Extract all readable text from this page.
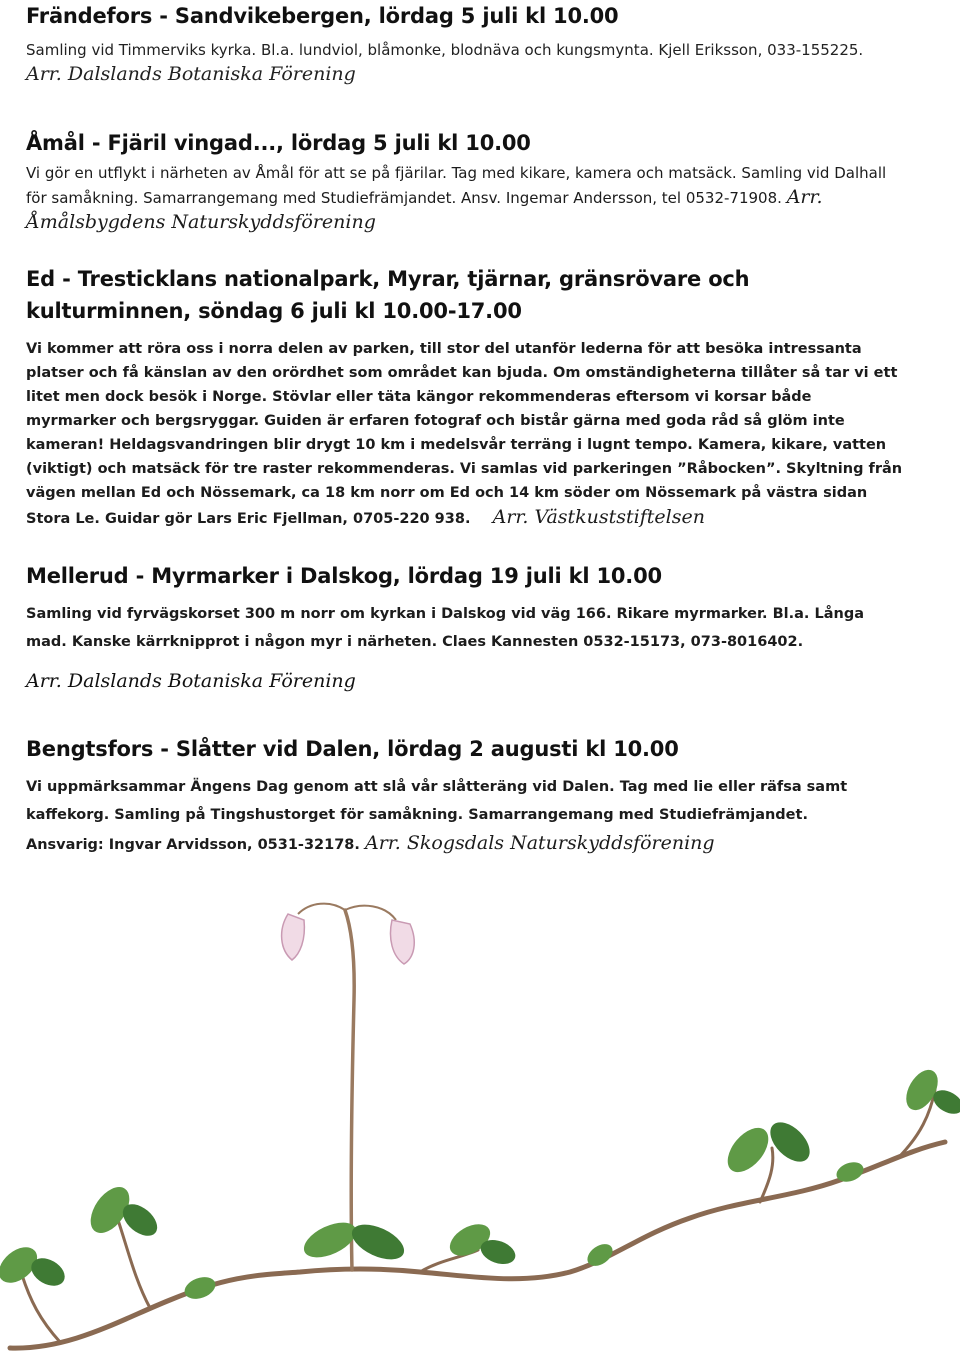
Frändefors - Sandvikebergen, lördag 5 juli kl 10.00
Samling vid Timmerviks kyrka. Bl.a. lundviol, blåmonke, blodnäva och kungsmynta. Kjell Eriksson, 033-155225. Arr. Dalslands Botaniska Förening
Åmål - Fjäril vingad..., lördag 5 juli kl 10.00
Vi gör en utflykt i närheten av Åmål för att se på fjärilar. Tag med kikare, kamera och matsäck. Samling vid Dalhall för samåkning. Samarrangemang med Studiefrämjandet. Ansv. Ingemar Andersson, tel 0532-71908. Arr. Åmålsbygdens Naturskyddsförening
Ed - Tresticklans nationalpark, Myrar, tjärnar, gränsrövare och kulturminnen, söndag 6 juli kl 10.00-17.00
Vi kommer att röra oss i norra delen av parken, till stor del utanför lederna för att besöka intressanta platser och få känslan av den orördhet som området kan bjuda. Om omständigheterna tillåter så tar vi ett litet men dock besök i Norge. Stövlar eller täta kängor rekommenderas eftersom vi korsar både myrmarker och bergsryggar. Guiden är erfaren fotograf och bistår gärna med goda råd så glöm inte kameran! Heldagsvandringen blir drygt 10 km i medelsvår terräng i lugnt tempo. Kamera, kikare, vatten (viktigt) och matsäck för tre raster rekommenderas. Vi samlas vid parkeringen ”Råbocken”. Skyltning från vägen mellan Ed och Nössemark, ca 18 km norr om Ed och 14 km söder om Nössemark på västra sidan Stora Le. Guidar gör Lars Eric Fjellman, 0705-220 938. Arr. Västkuststiftelsen
Mellerud - Myrmarker i Dalskog, lördag 19 juli kl 10.00
Samling vid fyrvägskorset 300 m norr om kyrkan i Dalskog vid väg 166. Rikare myrmarker. Bl.a. Långa mad. Kanske kärrknipprot i någon myr i närheten. Claes Kannesten 0532-15173, 073-8016402.
Arr. Dalslands Botaniska Förening
Bengtsfors - Slåtter vid Dalen, lördag 2 augusti kl 10.00
Vi uppmärksammar Ängens Dag genom att slå vår slåtteräng vid Dalen. Tag med lie eller räfsa samt kaffekorg. Samling på Tingshustorget för samåkning. Samarrangemang med Studiefrämjandet. Ansvarig: Ingvar Arvidsson, 0531-32178. Arr. Skogsdals Naturskyddsförening
